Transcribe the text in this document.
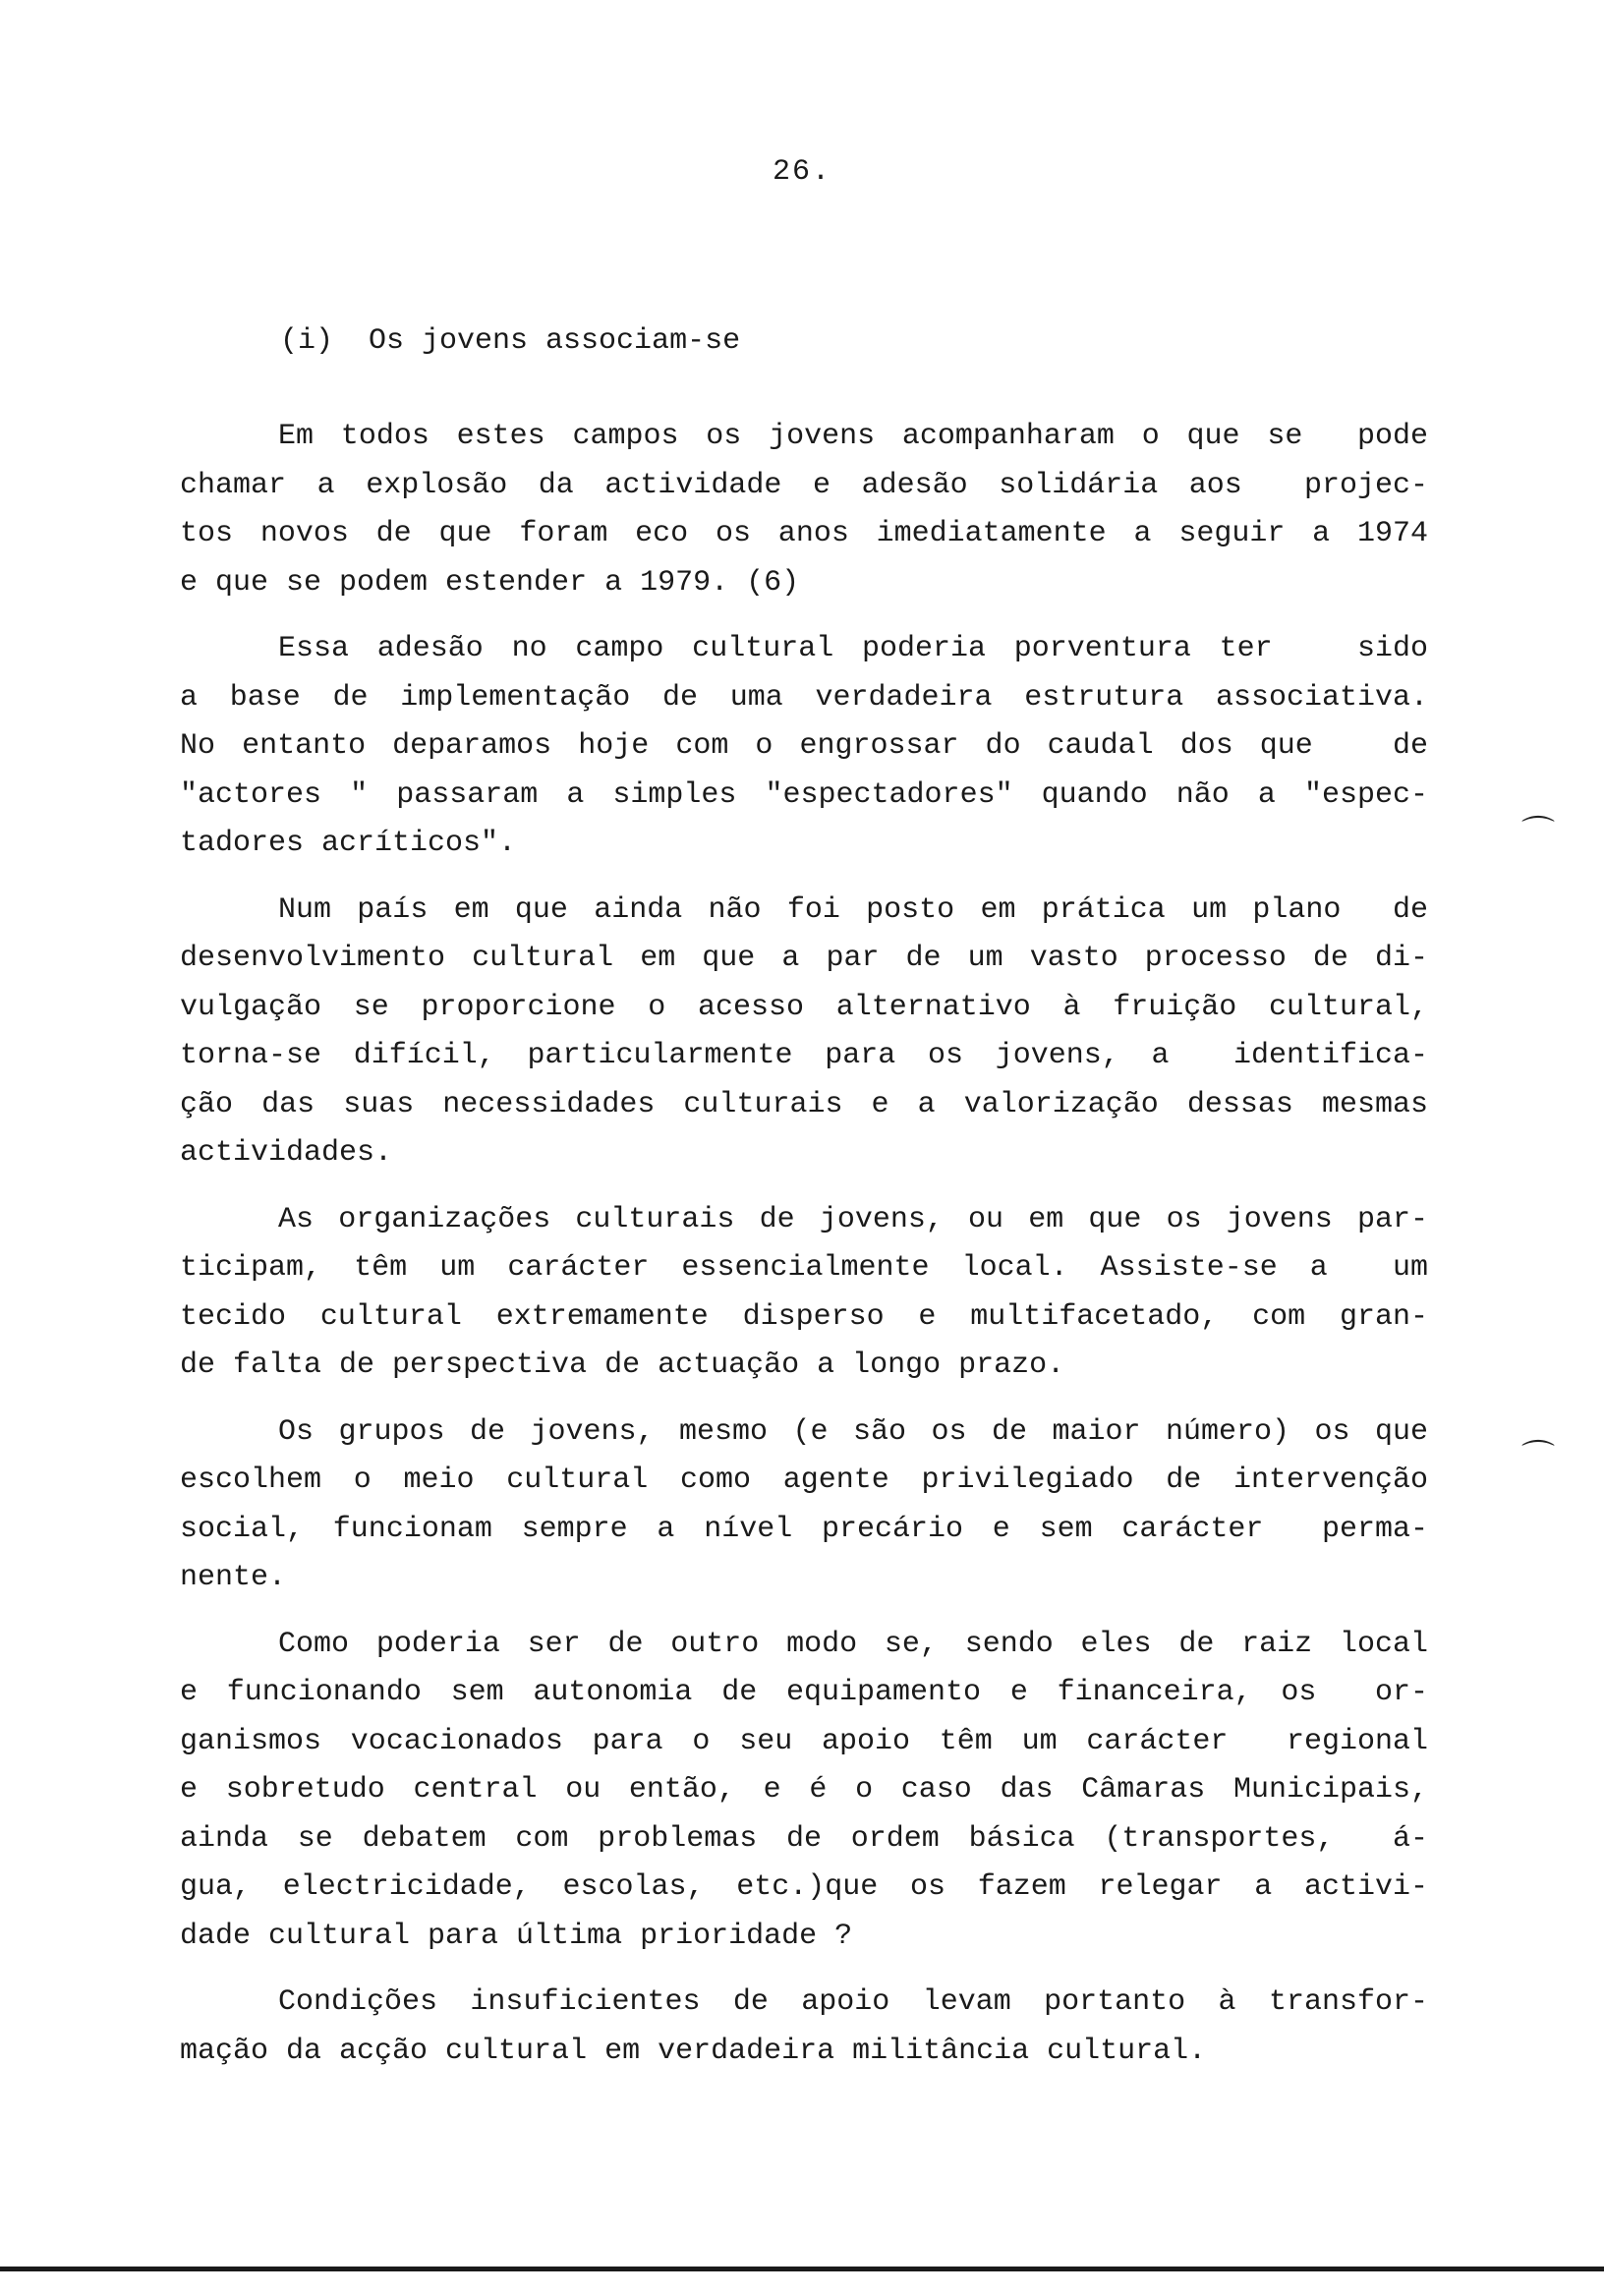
26.
(i)  Os jovens associam-se
Em todos estes campos os jovens acompanharam o que se  pode
chamar a explosão da actividade e adesão solidária aos  projec-
tos novos de que foram eco os anos imediatamente a seguir a 1974
e que se podem estender a 1979. (6)
Essa adesão no campo cultural poderia porventura ter   sido
a base de implementação de uma verdadeira estrutura associativa.
No entanto deparamos hoje com o engrossar do caudal dos que   de
"actores " passaram a simples "espectadores" quando não a "espec-
tadores acríticos".
Num país em que ainda não foi posto em prática um plano  de
desenvolvimento cultural em que a par de um vasto processo de di-
vulgação se proporcione o acesso alternativo à fruição cultural,
torna-se difícil, particularmente para os jovens, a  identifica-
ção das suas necessidades culturais e a valorização dessas mesmas
actividades.
As organizações culturais de jovens, ou em que os jovens par-
ticipam, têm um carácter essencialmente local. Assiste-se a  um
tecido cultural extremamente disperso e multifacetado, com gran-
de falta de perspectiva de actuação a longo prazo.
Os grupos de jovens, mesmo (e são os de maior número) os que
escolhem o meio cultural como agente privilegiado de intervenção
social, funcionam sempre a nível precário e sem carácter  perma-
nente.
Como poderia ser de outro modo se, sendo eles de raiz local
e funcionando sem autonomia de equipamento e financeira, os  or-
ganismos vocacionados para o seu apoio têm um carácter  regional
e sobretudo central ou então, e é o caso das Câmaras Municipais,
ainda se debatem com problemas de ordem básica (transportes,  á-
gua, electricidade, escolas, etc.)que os fazem relegar a activi-
dade cultural para última prioridade ?
Condições insuficientes de apoio levam portanto à transfor-
mação da acção cultural em verdadeira militância cultural.
⌒
⌒
